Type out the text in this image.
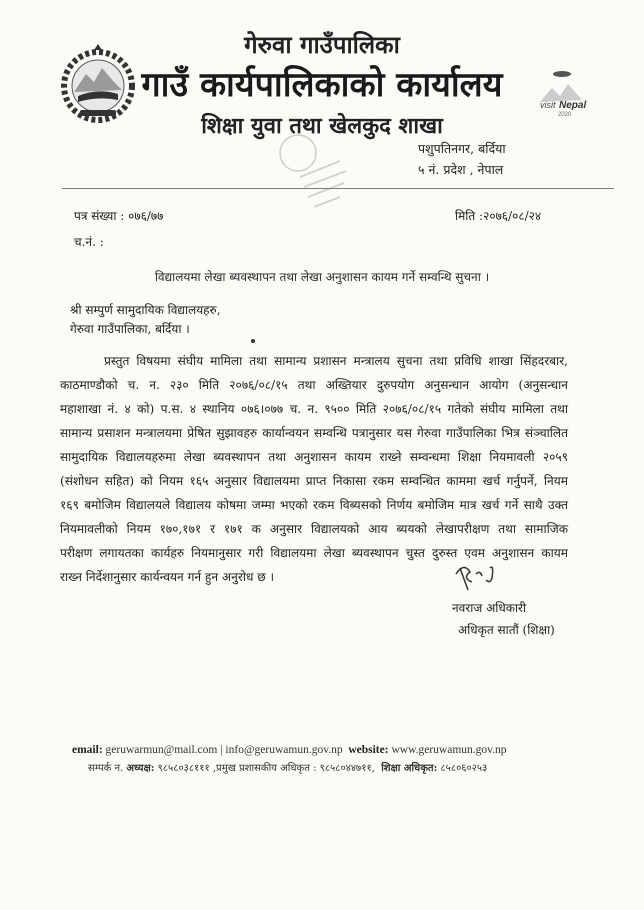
visit Nepal
2020
गेरुवा गाउँपालिका
गाउँ कार्यपालिकाको कार्यालय
शिक्षा युवा तथा खेलकुद शाखा
पशुपतिनगर, बर्दिया
५ नं. प्रदेश , नेपाल
पत्र संख्या : ०७६/७७	मिति :२०७६/०८/२४
च.नं. :
विद्यालयमा लेखा ब्यवस्थापन तथा लेखा अनुशासन कायम गर्ने सम्वन्धि सुचना ।
श्री सम्पुर्ण सामुदायिक विद्यालयहरु,
गेरुवा गाउँपालिका, बर्दिया ।
प्रस्तुत विषयमा संघीय मामिला तथा सामान्य प्रशासन मन्त्रालय सुचना तथा प्रविधि शाखा सिंहदरबार,
काठमाण्डौको च. न. २३० मिति २०७६/०८/१५ तथा अख्तियार दुरुपयोग अनुसन्धान आयोग (अनुसन्धान
महाशाखा नं. ४ को) प.स. ४ स्थानिय ०७६।०७७ च. न. ९५०० मिति २०७६/०८/१५ गतेको संघीय मामिला तथा
सामान्य प्रसाशन मन्त्रालयमा प्रेषित सुझावहरु कार्यान्वयन सम्वन्धि पत्रानुसार यस गेरुवा गाउँपालिका भित्र संञ्चालित
सामुदायिक विद्यालयहरुमा लेखा ब्यवस्थापन तथा अनुशासन कायम राख्ने सम्वन्धमा शिक्षा नियमावली २०५९
(संशोधन सहित) को नियम १६५ अनुसार विद्यालयमा प्राप्त निकासा रकम सम्वन्धित काममा खर्च गर्नुपर्ने, नियम
१६९ बमोजिम विद्यालयले विद्यालय कोषमा जम्मा भएको रकम विब्यसको निर्णय बमोजिम मात्र खर्च गर्ने साथै उक्त
नियमावलीको नियम १७०,१७१ र १७१ क अनुसार विद्यालयको आय ब्ययको लेखापरीक्षण तथा सामाजिक
परीक्षण लगायतका कार्यहरु नियमानुसार गरी विद्यालयमा लेखा ब्यवस्थापन चुस्त दुरुस्त एवम अनुशासन कायम
राख्न निर्देशानुसार कार्यन्वयन गर्न हुन अनुरोध छ ।
नवराज अधिकारी
अधिकृत सातौं (शिक्षा)
email: geruwarmun@mail.com | info@geruwamun.gov.np website: www.geruwamun.gov.np
सम्पर्क न. अध्यक्ष: ९८५८०३८१११ ,प्रमुख प्रशासकीय अधिकृत : ९८५८०४४७११, शिक्षा अधिकृत: ८५८०६०२५३
